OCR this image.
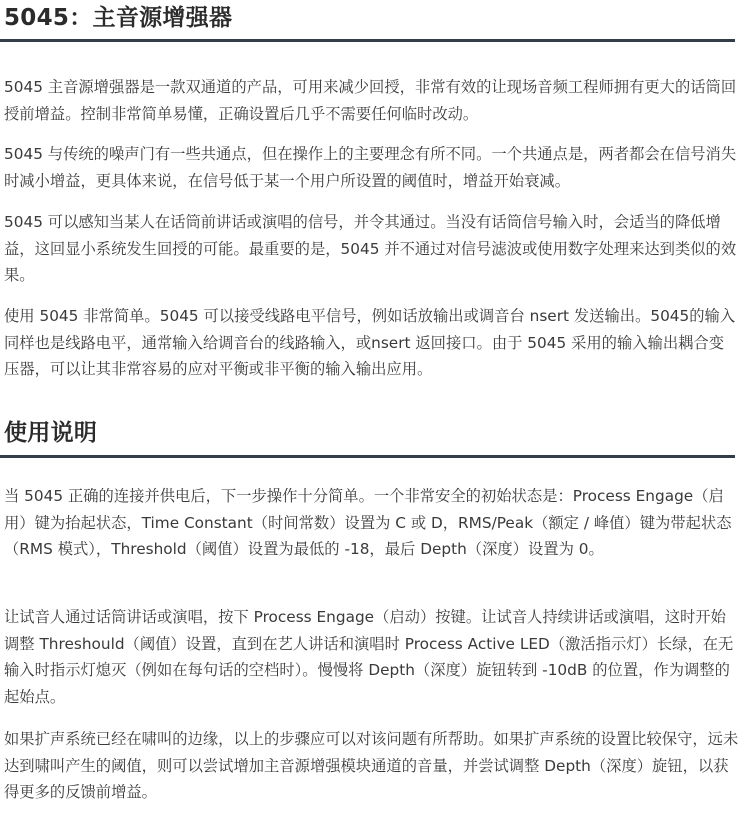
5045：主音源增强器

5045 主音源增强器是一款双通道的产品，可用来减少回授，非常有效的让现场音频工程师拥有更大的话筒回授前增益。控制非常简单易懂，正确设置后几乎不需要任何临时改动。

5045 与传统的噪声门有一些共通点，但在操作上的主要理念有所不同。一个共通点是，两者都会在信号消失时减小增益，更具体来说，在信号低于某一个用户所设置的阈值时，增益开始衰减。

5045 可以感知当某人在话筒前讲话或演唱的信号，并令其通过。当没有话筒信号输入时，会适当的降低增益，这回显小系统发生回授的可能。最重要的是，5045 并不通过对信号滤波或使用数字处理来达到类似的效果。

使用 5045 非常简单。5045 可以接受线路电平信号，例如话放输出或调音台 nsert 发送输出。5045的输入同样也是线路电平，通常输入给调音台的线路输入，或nsert 返回接口。由于 5045 采用的输入输出耦合变压器，可以让其非常容易的应对平衡或非平衡的输入输出应用。

使用说明

当 5045 正确的连接并供电后，下一步操作十分简单。一个非常安全的初始状态是：Process Engage（启用）键为抬起状态，Time Constant（时间常数）设置为 C 或 D，RMS/Peak（额定 / 峰值）键为带起状态（RMS 模式），Threshold（阈值）设置为最低的 -18，最后 Depth（深度）设置为 0。

让试音人通过话筒讲话或演唱，按下 Process Engage（启动）按键。让试音人持续讲话或演唱，这时开始调整 Threshould（阈值）设置，直到在艺人讲话和演唱时 Process Active LED（激活指示灯）长绿，在无输入时指示灯熄灭（例如在每句话的空档时）。慢慢将 Depth（深度）旋钮转到 -10dB 的位置，作为调整的起始点。

如果扩声系统已经在啸叫的边缘，以上的步骤应可以对该问题有所帮助。如果扩声系统的设置比较保守，远未达到啸叫产生的阈值，则可以尝试增加主音源增强模块通道的音量，并尝试调整 Depth（深度）旋钮，以获得更多的反馈前增益。
